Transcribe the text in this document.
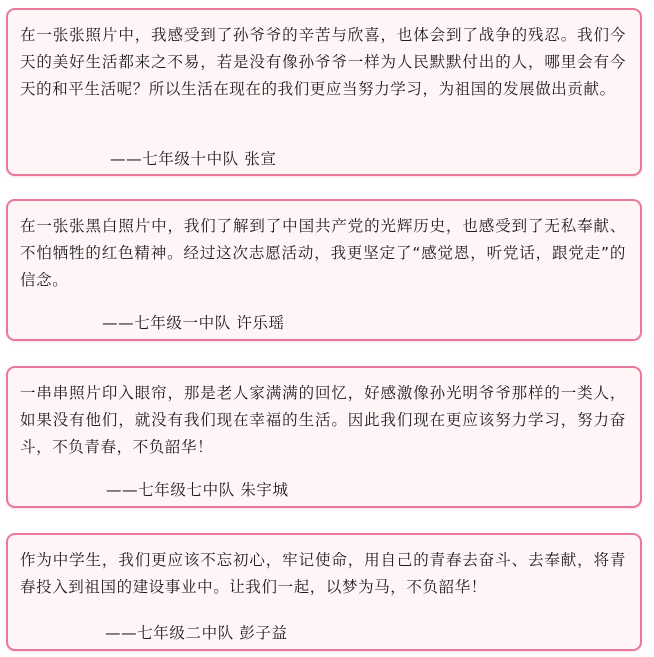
在一张张照片中，我感受到了孙爷爷的辛苦与欣喜，也体会到了战争的残忍。我们今天的美好生活都来之不易，若是没有像孙爷爷一样为人民默默付出的人，哪里会有今天的和平生活呢？所以生活在现在的我们更应当努力学习，为祖国的发展做出贡献。

——七年级十中队 张宣

在一张张黑白照片中，我们了解到了中国共产党的光辉历史，也感受到了无私奉献、不怕牺牲的红色精神。经过这次志愿活动，我更坚定了“感觉恩，听党话，跟党走”的信念。

——七年级一中队 许乐瑶

一串串照片印入眼帘，那是老人家满满的回忆，好感激像孙光明爷爷那样的一类人，如果没有他们，就没有我们现在幸福的生活。因此我们现在更应该努力学习，努力奋斗，不负青春，不负韶华！

——七年级七中队 朱宇城

作为中学生，我们更应该不忘初心，牢记使命，用自己的青春去奋斗、去奉献，将青春投入到祖国的建设事业中。让我们一起，以梦为马，不负韶华！

——七年级二中队 彭子益
